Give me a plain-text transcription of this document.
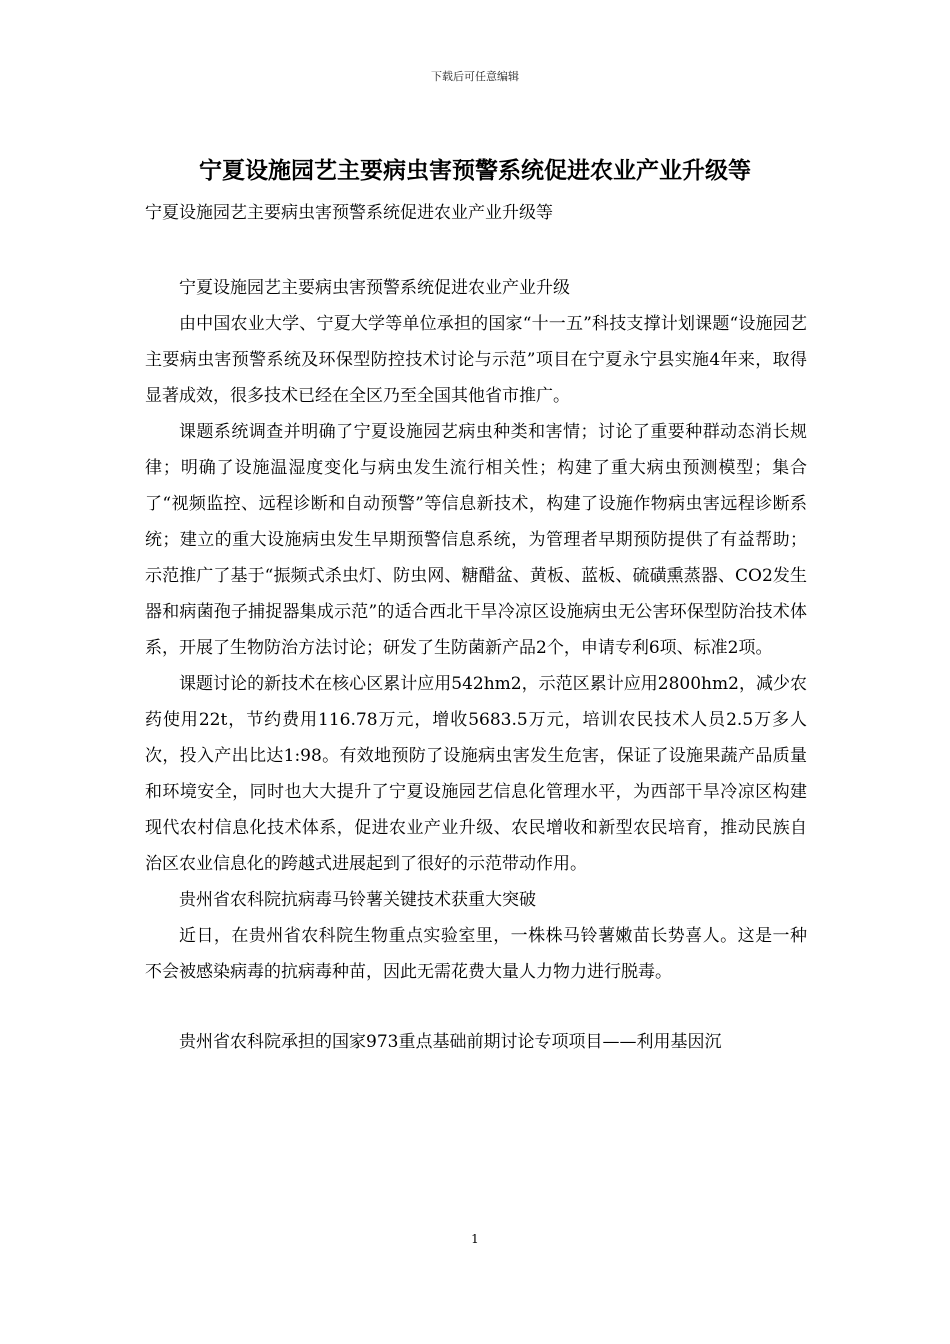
下载后可任意编辑
宁夏设施园艺主要病虫害预警系统促进农业产业升级等
宁夏设施园艺主要病虫害预警系统促进农业产业升级等

宁夏设施园艺主要病虫害预警系统促进农业产业升级

由中国农业大学、宁夏大学等单位承担的国家“十一五”科技支撑计划课题“设施园艺主要病虫害预警系统及环保型防控技术讨论与示范”项目在宁夏永宁县实施4年来，取得显著成效，很多技术已经在全区乃至全国其他省市推广。

课题系统调查并明确了宁夏设施园艺病虫种类和害情；讨论了重要种群动态消长规律；明确了设施温湿度变化与病虫发生流行相关性；构建了重大病虫预测模型；集合了“视频监控、远程诊断和自动预警”等信息新技术，构建了设施作物病虫害远程诊断系统；建立的重大设施病虫发生早期预警信息系统，为管理者早期预防提供了有益帮助；示范推广了基于“振频式杀虫灯、防虫网、糖醋盆、黄板、蓝板、硫磺熏蒸器、CO2发生器和病菌孢子捕捉器集成示范”的适合西北干旱冷凉区设施病虫无公害环保型防治技术体系，开展了生物防治方法讨论；研发了生防菌新产品2个，申请专利6项、标准2项。

课题讨论的新技术在核心区累计应用542hm2，示范区累计应用2800hm2，减少农药使用22t，节约费用116.78万元，增收5683.5万元，培训农民技术人员2.5万多人次，投入产出比达1:98。有效地预防了设施病虫害发生危害，保证了设施果蔬产品质量和环境安全，同时也大大提升了宁夏设施园艺信息化管理水平，为西部干旱冷凉区构建现代农村信息化技术体系，促进农业产业升级、农民增收和新型农民培育，推动民族自治区农业信息化的跨越式进展起到了很好的示范带动作用。

贵州省农科院抗病毒马铃薯关键技术获重大突破

近日，在贵州省农科院生物重点实验室里，一株株马铃薯嫩苗长势喜人。这是一种不会被感染病毒的抗病毒种苗，因此无需花费大量人力物力进行脱毒。

贵州省农科院承担的国家973重点基础前期讨论专项项目——利用基因沉

1
